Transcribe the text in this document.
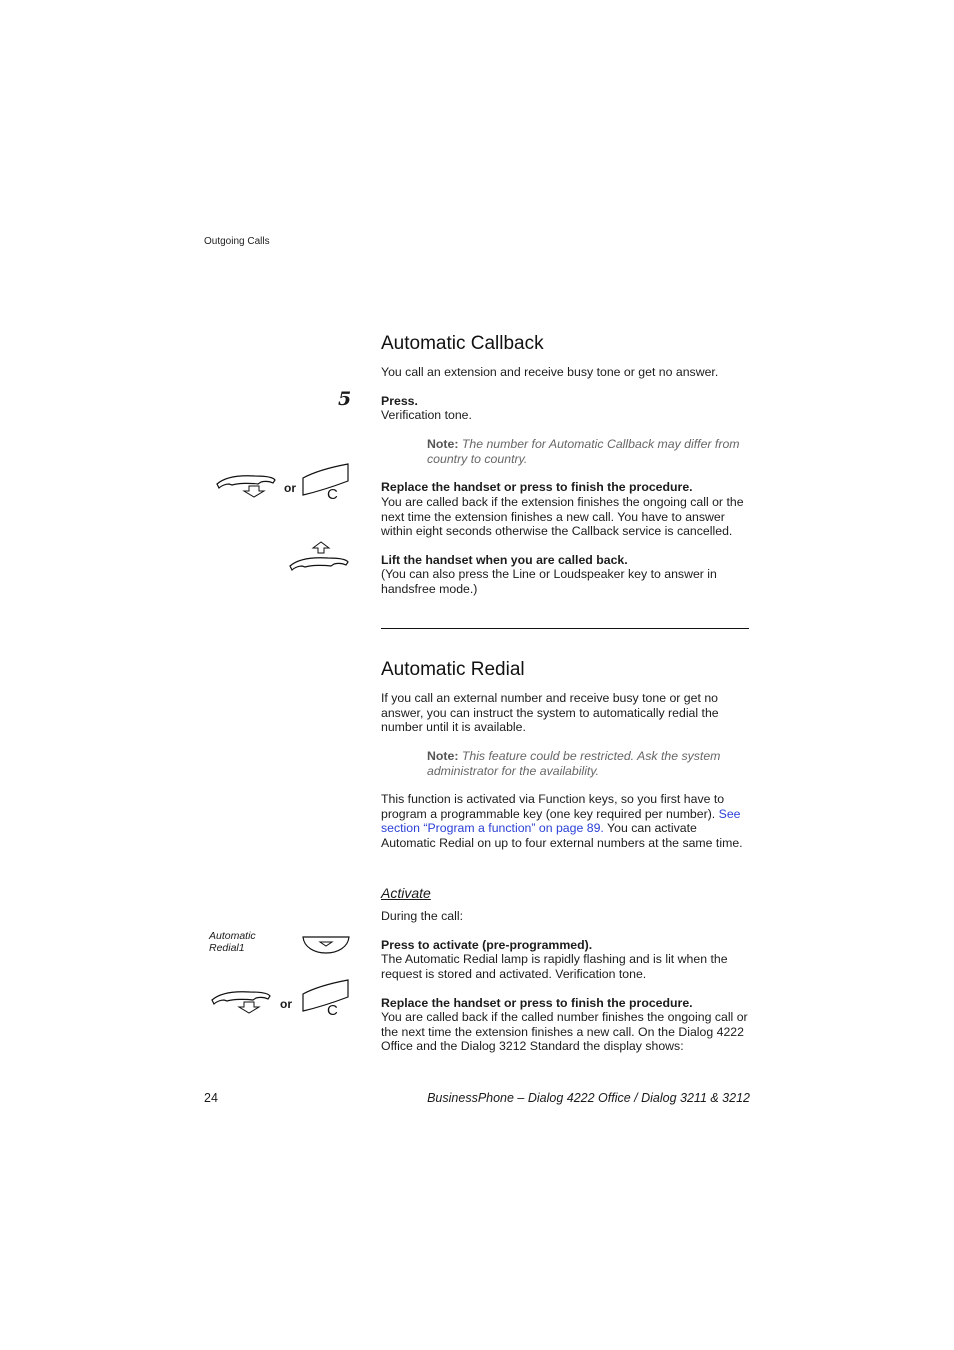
Outgoing Calls
Automatic Callback
You call an extension and receive busy tone or get no answer.
5 Press.
Verification tone.
Note: The number for Automatic Callback may differ from country to country.
or C	Replace the handset or press to finish the procedure.
You are called back if the extension finishes the ongoing call or the next time the extension finishes a new call. You have to answer within eight seconds otherwise the Callback service is cancelled.
Lift the handset when you are called back.
(You can also press the Line or Loudspeaker key to answer in handsfree mode.)
Automatic Redial
If you call an external number and receive busy tone or get no answer, you can instruct the system to automatically redial the number until it is available.
Note: This feature could be restricted. Ask the system administrator for the availability.
This function is activated via Function keys, so you first have to program a programmable key (one key required per number). See section “Program a function” on page 89. You can activate Automatic Redial on up to four external numbers at the same time.
Activate
During the call:
Automatic Redial1	Press to activate (pre-programmed).
The Automatic Redial lamp is rapidly flashing and is lit when the request is stored and activated. Verification tone.
or C	Replace the handset or press to finish the procedure.
You are called back if the called number finishes the ongoing call or the next time the extension finishes a new call. On the Dialog 4222 Office and the Dialog 3212 Standard the display shows:
24	BusinessPhone – Dialog 4222 Office / Dialog 3211 & 3212
